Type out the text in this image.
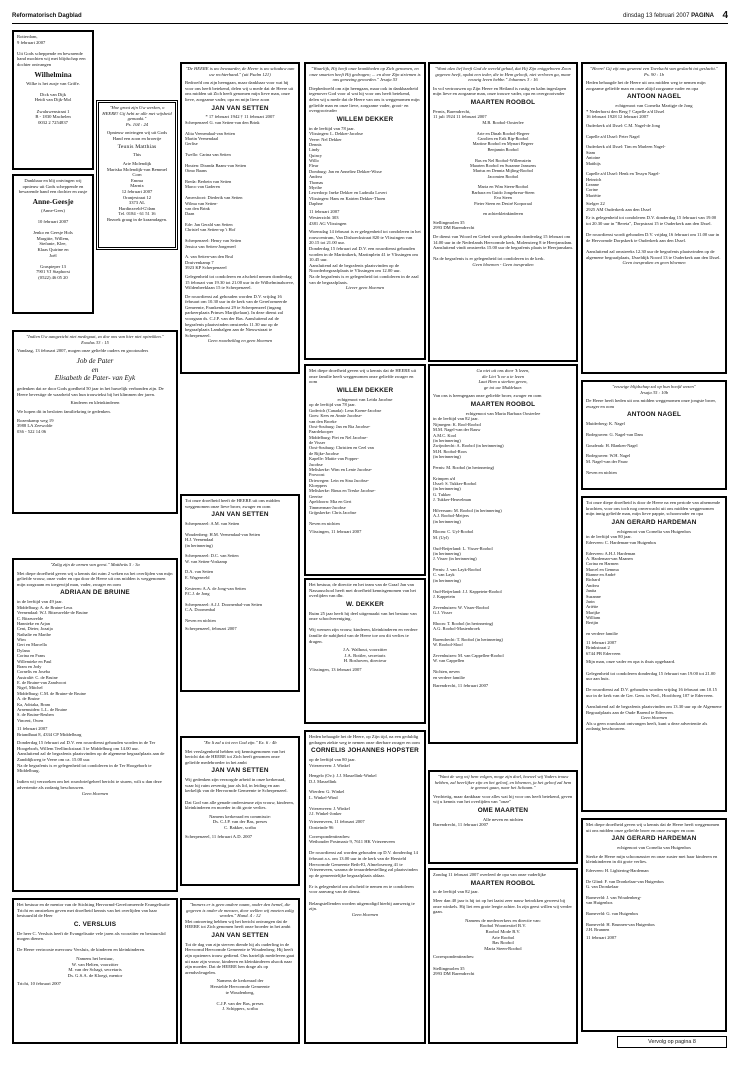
Reformatorisch Dagblad	dinsdag 13 februari 2007 PAGINA 4

Rotterdam,
9 februari 2007

Uit Gods scheppende en bewarende hand mochten wij met blijdschap een dochter ontvangen

Wilhelmina

Wilke is het zusje van Griffe.

Dick van Dijk
Heidi van Dijk-Mol

Zwaluwenstraat 1
B - 1830 Machelen
0032 2 7254837

Dankbaar en blij ontvingen wij opnieuw uit Gods scheppende en bewarende hand een dochter en zusje

Anne-Geesje

(Anne-Gees)

10 februari 2007

Jenko en Geesje Hols
Margitte, Willem,
Stefanie, Klee,
Klaas Quirine en
Joël

Graspieper 13
7901 VJ Staphorst
(0522) 46 05 20

"Hoe groot zijn Uw werken, o HEERE! Gij hebt ze alle met wijsheid gemaakt."
Ps. 104 : 24

Opnieuw ontvingen wij uit Gods Hand een zoon en broertje

Teunis Matthias
This

Arie Molendijk
Mariska Molendijk-van Bemmel
Corn
Emma
Marnix

12 februari 2007

Oranjestraat 12
3373 AL
Hardinxveld-G'dam
Tel. 0184 - 61 51 16

Bezoek graag in de kraamdagen.

"De HEERE is uw bewaarder, de Heere is uw schaduw aan uw rechterhand." (uit Psalm 121)

Bedroefd om zijn heengaan, maar dankbaar voor wat hij voor ons heeft betekend, delen wij u mede dat de Heere uit ons midden uit Zich heeft genomen mijn lieve man, onze lieve, zorgzame vader, opa en mijn lieve zoon

JAN VAN SETTEN

* 17 februari 1942 † 11 februari 2007

Scherpenzeel G. van Setten-van den Brink

Alita Veenendaal-van Setten
Martin Veenendaal
Gerlise

Twello: Carina van Setten

Houten: Diranda Baans-van Setten
Otmo Baans

Breda: Berbein van Setten
Marco van Gaderen

Amersfoort: Diederik van Setten
Wilma van Setten-
van den Brink
Daan

Ede: Jan Gerald van Setten
Christel van Setten-op 't Hof

Scherpenzeel: Henry van Setten
Jessica van Setten-Jongeneel

A. van Setten-van den Brul

Druivenkamp 7
3923 KP Scherpenzeel

Gelegenheid tot condoleren en afscheid nemen donderdag 15 februari van 19.30 tot 21.00 uur in de Wilhelminahoeve, Wildenbeeklaan 15 te Scherpenzeel.

De rouwdienst zal gehouden worden D.V. vrijdag 16 februari om 10.30 uur in de kerk van de Gereformeerde Gemeente, Frankenhorst 29 te Scherpenzeel (ingang parkeerplaats Prinses Marijkelaan). In deze dienst zal voorgaan ds. C.J.P. van der Bas. Aansluitend zal de begrafenis plaatsvinden omstreeks 11.30 uur op de begraafplaats Lambalgen aan de Nieuwstraat te Scherpenzeel.

Geen rouwbeklag en geen bloemen

"Indien Uw aangezicht niet medegaat, zo doe ons van hier niet optrekken."
Exodus 33 : 15

Vandaag, 13 februari 2007, mogen onze geliefde ouders en grootouders

Job de Pater
en
Elisabeth de Pater- van Eyk

gedenken dat ze door Gods goedheid 50 jaar in het huwelijk verbonden zijn. De Heere bevestige de waarheid van hun trouwtekst bij het klimmen der jaren.

Kinderen en kleinkinderen

We hopen dit in besloten familiekring te gedenken.

Rozenkamp weg 19
3988 LA Zeewolde
036 - 522 14 06

"Zalig zijn de armen van geest." Mattheüs 5 : 3a

Met diepe droefheid geven wij u kennis dat ruim 2 weken na het overlijden van mijn geliefde vrouw, onze vader en opa door de Heere uit ons midden is weggenomen mijn zorgzaam en toegewijd man, vader, zwager en oom

ADRIAAN DE BRUINE

in de leeftijd van 49 jaar.

Middelburg: A. de Bruine-Leus
Veenendaal: W.J. Bitzeuvelde-de Bruine
C. Bitzeuvelde
Hannieke en Arjan
Cent, Dieter, Jozaija
Nathalie en Marthe
Wim
Gert en Marcella
Dylana
Corina en Frans
Willemieke en Paul
Bram en Jody
Cornelis en Joseba
Australië: C. de Bruine
E. de Bruine-van Zandvoort
Nigel, Mitchel
Middelburg: C.M. de Bruine-de Bruine
A. de Bruine
Ka, Adriaka, Bram
Arnemuiden: L.L. de Bruine
S. de Bruine-Reuben
Vincent, Owen

11 februari 2007
Briandhaat 8, 4334 CP Middelburg

Donderdag 15 februari zal D.V. een rouwdienst gehouden worden in de Ter Hoogeborh, Willem Teellinckstraat 3 te Middelburg om 14.00 uur.
Aansluitend zal de begrafenis plaatsvinden op de algemene begraafplaats aan de Zanddijkweg te Veere om ca. 15.00 uur.
Na de begrafenis is er gelegenheid tot condoleren in de Ter Hoogeborh te Middelburg.

Indien wij verzoeken om het rouwbriefgeheel bericht te sturen, wilt u dan deze advertentie als zodanig beschouwen.

Geen bloemen

Het bestuur en de mentor van de Stichting Hervormd-Gereformeerde Evangelisatie Tricht en omstreken geven met droefheid kennis van het overlijden van haar bestuurslid de Heer

C. VERSLUIS

De heer C. Versluis heeft de Evangelisatie vele jaren als voorzitter en bestuurslid mogen dienen.

De Heere vertrooste mevrouw Versluis, de kinderen en kleinkinderen.

Namens het bestuur,
W. van Helten, voorzitter
M. van der Schagt, secretaris
Ds. G.S.A. de Kloegt, mentor

Tricht, 10 februari 2007

Tot onze droefheid heeft de HEERE uit ons midden weggenomen onze lieve broer, zwager en oom

JAN VAN SETTEN

Scherpenzeel: A.M. van Setten

Woudenberg: H.M. Veenendaal-van Setten
H.J. Veenendaal
(in herinnering)

Scherpenzeel: D.C. van Setten
W. van Setten-Voskamp

D.A. van Setten
E. Wagenveld

Kesteren: A.A. de Jong-van Setten
P.C.J. de Jong

Scherpenzeel: A.J.J. Doornenbal-van Setten
C.A. Doornenbal

Neven en nichten

Scherpenzeel, februari 2007

"En lt zal u tot een God zijn." Ex. 6 : 4b

Met verslagenheid hebben wij kennisgenomen van het bericht dat de HEERE tot Zich heeft genomen onze geliefde medebroeder in het ambt

JAN VAN SETTEN

Wij gedenken zijn verzorgde arbeid in onze kerkeraad, waar hij ruim zeventig jaar als lid, in leiding en aan kerkelijk van de Hervormde Gemeente te Scherpenzeel.

Dat God van alle genade ondersteune zijn vrouw, kinderen, kleinkinderen en moeder in dit grote verlies.

Namens kerkeraad en commissie:
Ds. C.J.P. van der Bas, preses
C. Bakker, scriba

Scherpenzeel, 11 februari A.D. 2007

"Immers er is geen andere naam, onder den hemel, die gegeven is onder de mensen, door welken wij moeten zalig worden." Hand. 4 : 12

Met ontroering hebben wij het bericht ontvangen dat de HEERE tot Zich genomen heeft onze broeder in het ambt

JAN VAN SETTEN

Tot de dag van zijn sterven diende hij als ouderling in de Hervormd Hervormde Gemeente te Woudenberg. Hij heeft zijn opzieners trouw gediend. Ons hartelijk medeleven gaat uit naar zijn vrouw, kinderen en kleinkinderen alsook naar zijn moeder. Dat de HEERE hen drage als op arendsvleugelen.

Namens de kerkeraad der
Herstelde Hervormde Gemeente
te Woudenberg,

C.J.P. van der Bas, preses
J. Schippers, scriba

"Waarlijk, Hij heeft onze krankheden op Zich genomen, en onze smarten heeft Hij gedragen; ... en door Zijn striemen is ons genezing geworden." Jesaja 53

Diepbedroefd om zijn heengaan, maar ook in dankbaarheid tegenover God voor al wat hij voor ons heeft betekend, delen wij u mede dat de Heere van ons is weggenomen mijn geliefde man en onze lieve, zorgzame vader, groot- en overgrootvader

WILLEM DEKKER

in de leeftijd van 78 jaar.

Vlissingen: L. Dekker-Jacobse
Veere: Nel Dekker
Dennis
Lindy
Quincy
Willo
Fleur
Domburg: Jan en Anneliez Dekker-Wisse
Andrea
Thomas
Myrthe
Lewedorp: Ineke Dekker en Ludmila Lovert
Vlissingen: Hans en Katrien Dekker-Thoen
Daphne

11 februari 2007
Westerzicht 303
4381 AG Vlissingen

Woensdag 14 februari is er gelegenheid tot condoleren in het rouwcentrum, Van Dishoeckstraat 820 te Vlissingen van 20.15 tot 21.00 uur.
Donderdag 15 februari zal D.V. een rouwdienst gehouden worden in de Martinikerk, Martinplein 41 te Vlissingen om 10.45 uur.
Aansluitend zal de begrafenis plaatsvinden op de Noorderbegraafplaats te Vlissingen om 12.00 uur.
Na de begrafenis is er gelegenheid tot condoleren in de zaal van de begraafplaats.

Liever geen bloemen

Met diepe droefheid geven wij u kennis dat de HEERE uit onze familie heeft weggenomen onze geliefde zwager en oom

WILLEM DEKKER

echtgenoot van Leida Jacobse

op de leeftijd van 78 jaar.

Goderich (Canada): Lena Koene-Jacobse
Goes: Kees en Annie Jacobse-
van den Broeke
Oost-Souburg: Jan en Ria Jacobse-
Paardekooper
Middelburg: Piet en Nel Jacobse-
de Visser
Oost-Souburg: Christien en Ceel van
de Rijke-Jacobse
Kapelle: Mattie van Popper-
Jacobse
Meliskerke: Wim en Lenie Jacobse-
Provoost
Driewegen: Lein en Sina Jacobse-
Kloeppers
Meliskerke: Rinus en Treske Jacobse-
Geertse
Apeldoorn: Mia en Gert
Timmerman-Jacobse
Grijpskerke: Chris Jacobse

Neven en nichten

Vlissingen, 11 februari 2007

Het bestuur, de directie en het team van de Graaf Jan van Nassauschool heeft met droefheid kennisgenomen van het overlijden van dhr.

W. DEKKER

Ruim 25 jaar heeft hij deel uitgemaakt van het bestuur van onze schoolvereniging.

Wij wensen zijn vrouw, kinderen, kleinkinderen en verdere familie de nabijheid van de Heere toe om dit verlies te dragen.

J.A. Walhout, voorzitter
J.A. Bottler, secretaris
H. Boshoven, directeur

Vlissingen, 13 februari 2007

Heden behaagde het de Heere, op Zijn tijd, na een geduldig gedragen ziekte weg te nemen onze dierbare zwager en oom

CORNELIS JOHANNES HOPSTER

op de leeftijd van 80 jaar.

Vriezenveen: J. Winkel

Hengelo (Ov.): J.J. Massellink-Winkel
D.J. Massellink

Wierden: G. Winkel
L. Winkel-Wind

Vriezenveen: J. Winkel
J.J. Winkel-Jonker

Vriezenveen, 11 februari 2007
Oosteinde 96

Correspondentieadres:
Wethouder Postmastr 9, 7611 HK Vriezenveen

De rouwdienst zal worden gehouden op D.V. donderdag 14 februari a.s. om 13.00 uur in de kerk van de Hersteld Hervormde Gemeente Beth-El, Almeloseweg 41 te Vriezenveen, waarna de teraardebestelling zal plaatsvinden op de gemeentelijke begraafplaats aldaar.

Er is gelegenheid om afscheid te nemen en te condoleren voor aanvang van de dienst.

Belangstellenden worden uitgenodigd hierbij aanwezig te zijn.

Geen bloemen

"Want alzo lief heeft God de wereld gehad, dat Hij Zijn eniggeboren Zoon gegeven heeft, opdat een ieder, die in Hem gelooft, niet verloren ga, maar eeuwig leven hebbe." Johannes 3 : 16

In vol vertrouwen op Zijn Heere en Heiland is rustig en kalm ingeslapen mijn lieve en zorgzame man, onze trouwe vader, opa en overgrootvader

MAARTEN ROOBOL

Pernis, Barendrecht,
11 juli 1924 11 februari 2007

M.B. Roobol-Oosterlee

Arie en Dinah Roobol-Begeer
Carolien en Erik Rip-Roobol
Martine Roobol en Mynart Begeer
Benjamin Roobol

Bas en Nel Roobol-Willemstein
Maarten Roobol en Suzanne Janssens
Marius en Dennia Mijling-Roobol
Jacomien Roobol

Maria en Wim Steen-Roobol
Barbara en Guido Jongebreur-Steen
Eva Steen
Pieter Steen en Desiré Korporaal

en achterkleinkinderen

Stellingmolen 35
2993 DM Barendrecht

De dienst van Woord en Gebed wordt gehouden donderdag 15 februari om 14.00 uur in de Nederlands Hervormde kerk, Molensteeg 8 te Heerjansdam.
Aansluitend vindt omstreeks 15.00 uur de begrafenis plaats te Heerjansdam.

Na de begrafenis is er gelegenheid tot condoleren in de kerk.

Geen bloemen - Geen toespraken

Ga niet uit ons door 'k lezen,
die Liet 'k ne u te lezen
Laat Hem u sterken geven,
ge tot uw Middelaar.

Van ons is heengegaan onze geliefde broer, zwager en oom

MAARTEN ROOBOL

echtgenoot van Maria Barbara Oosterlee

in de leeftijd van 82 jaar.

Nijmegen: K. Rool-Roobol
M.M. Nagel-van der Rauw
A.M.C. Kool
(in herinnering)
Zwijndrecht: A. Roobol (in herinnering)
M.H. Roobol-Roos
(in herinnering)

Pernis: M. Roobol (in herinnering)

Krimpen a/d
IJssel: S. Tukker-Roobol
(in herinnering)
G. Tukker
J. Tukker-Heuvelman

Hilversum: M. Roobol (in herinnering)
A.J. Roobol-Meijers
(in herinnering)

Bloom: C. Uyl-Roobol
M. (Uyl)

Oud-Beijerland: L. Visser-Roobol
(in herinnering)
J. Visser (in herinnering)

Pernis: J. van Layk-Roobol
C. van Layk
(in herinnering)

Oud-Beijerland: J.J. Kappetein-Roobol
J. Kappetein

Zevenhuizen: W. Visser-Roobol
G.J. Visser

Rhoon: T. Roobol (in herinnering)
A.G. Roobol-Mastenbroek

Barendrecht: T. Roobol (in herinnering)
W. Roobol-Sloof

Zevenhuizen: M. van Cappellen-Roobol
W. van Cappellen

Nichten, neven
en verdere familie

Barendrecht, 11 februari 2007

"Want de weg wij hem volgen, moge zijn doel, hoewel wij Vaders trouw hebben, zal heerlijker zijn en het geloof, en bloemen, ja het geloof zal hem te gemoet gaan, naar het lichaam."

Verdrietig, maar dankbaar voor alles wat hij voor ons heeft betekend, geven wij u kennis van het overlijden van "onze"

OME MAARTEN

Alle neven en nichten

Barendrecht, 11 februari 2007

Zondag 11 februari 2007 overleed de opa van onze vaderlijke

MAARTEN ROOBOL

in de leeftijd van 82 jaar.

Meer dan 40 jaar is hij tot op het laatst zeer nauw betrokken geweest bij onze winkels. Hij liet een grote leegte achter. In zijn geest willen wij verder gaan.

Namens de medewerkers en directie van:
Roobol Woontextiel B.V.
Roobol Mode B.V.
Arie Roobol
Bas Roobol
Maria Steen-Roobol

Correspondentieadres:

Stellingmolen 35
2993 DM Barendrecht

"Heere! Gij zijt ons geweest een Toevlucht van geslacht tot geslacht."
Ps. 90 : 1b

Heden behaagde het de Heere uit ons midden weg te nemen mijn zorgzame geliefde man en onze altijd zorgzame vader en opa

ANTOON NAGEL

echtgenoot van Cornelia Martigje de Jong

* Nederhorst den Berg † Capelle a/d IJssel
16 februari 1928 12 februari 2007

Ouderkerk a/d IJssel: C.M. Nagel-de Jong

Capelle a/d IJssel: Peter Nagel

Ouderkerk a/d IJssel: Tim en Marleen Nagel-
Stam
Antoine
Matthijs

Capelle a/d IJssel: Henk en Tessyn Nagel-
Heinrich
Leanne
Corine
Mariëtte

Stelger 22
2925 AM Ouderkerk aan den IJssel

Er is gelegenheid tot condoleren D.V. donderdag 15 februari van 19.00 tot 20.30 uur in "Bereia", Dorpstraat 15 te Ouderkerk aan den IJssel.

De rouwdienst wordt gehouden D.V. vrijdag 16 februari om 11.00 uur in de Hervormde Dorpskerk te Ouderkerk aan den IJssel.

Aansluitend zal omstreeks 12.30 uur de begrafenis plaatsvinden op de algemene begraafplaats, IJsseldijk Noord 13 te Ouderkerk aan den IJssel.

Geen toespraken en geen bloemen

"eeuwige blijdschap zal op hun hoofd wezen"
Jesaja 35 : 10b

De Heere heeft heden uit ons midden weggenomen onze jongste broer, zwager en oom

ANTOON NAGEL

Muiderberg: K. Nagel

Bodegraven: G. Nagel-van Dam

Gouderak: H. Blanken-Nagel

Bodegraven: W.H. Nagel
M. Nagel-van der Pauw

Neven en nichten

Tot onze diepe droefheid is door de Heere na een periode van afnemende krachten, voor ons toch nog onverwacht uit ons midden weggenomen mijn innig geliefde man, mijn lieve pappie, schoonvader en opa

JAN GERARD HARDEMAN

echtgenoot van Cornelia van Huigenbos

in de leeftijd van 80 jaar.

Ederveen: C. Hardeman-van Huigenbos

Ederveen: A.H.J. Hardeman
A. Hardeman-van Maanen
Corina en Harmen
Marcel en Gemma
Rianne en André
Richard
Andrea
Janita
Suzanne
Jarin
Ariëtte
Marijke
William
Bertjin

en verdere familie

11 februari 2007
Brinkstraat 2
6744 PB Ederveen

Mijn man, onze vader en opa is thuis opgebaard.

Gelegenheid tot condoleren donderdag 15 februari van 19.00 tot 21.00 uur aan huis.

De rouwdienst zal D.V. gehouden worden vrijdag 16 februari om 10.15 uur in de kerk van de Ger. Gem. in Ned., Hoofdweg 107 te Ederveen.

Aansluitend zal de begrafenis plaatsvinden om 13.30 uur op de Algemene Begraafplaats aan de Oude Barend te Ederveen.

Geen bloemen

Als u geen rouwkaart ontvangen heeft, kunt u deze advertentie als zodanig beschouwen.

Met diepe droefheid geven wij u kennis dat de Heere heeft weggenomen uit ons midden onze geliefde broer en onze zwager en oom

JAN GERARD HARDEMAN

echtgenoot van Cornelia van Huigenbos

Sterke de Heere mijn schoonzuster en onze zuster met haar kinderen en kleinkinderen in dit grote verlies.

Ederveen: H. Lightering-Hardeman

De Glind: F. van Dronkelaar-van Huigenbos
G. van Dronkelaar

Barneveld: J. van Woudenberg-
van Huigenbos

Barneveld: G. van Huigenbos

Barneveld: H. Brunnen-van Huigenbos
J.H. Brunnen

11 februari 2007

Vervolg op pagina 8
